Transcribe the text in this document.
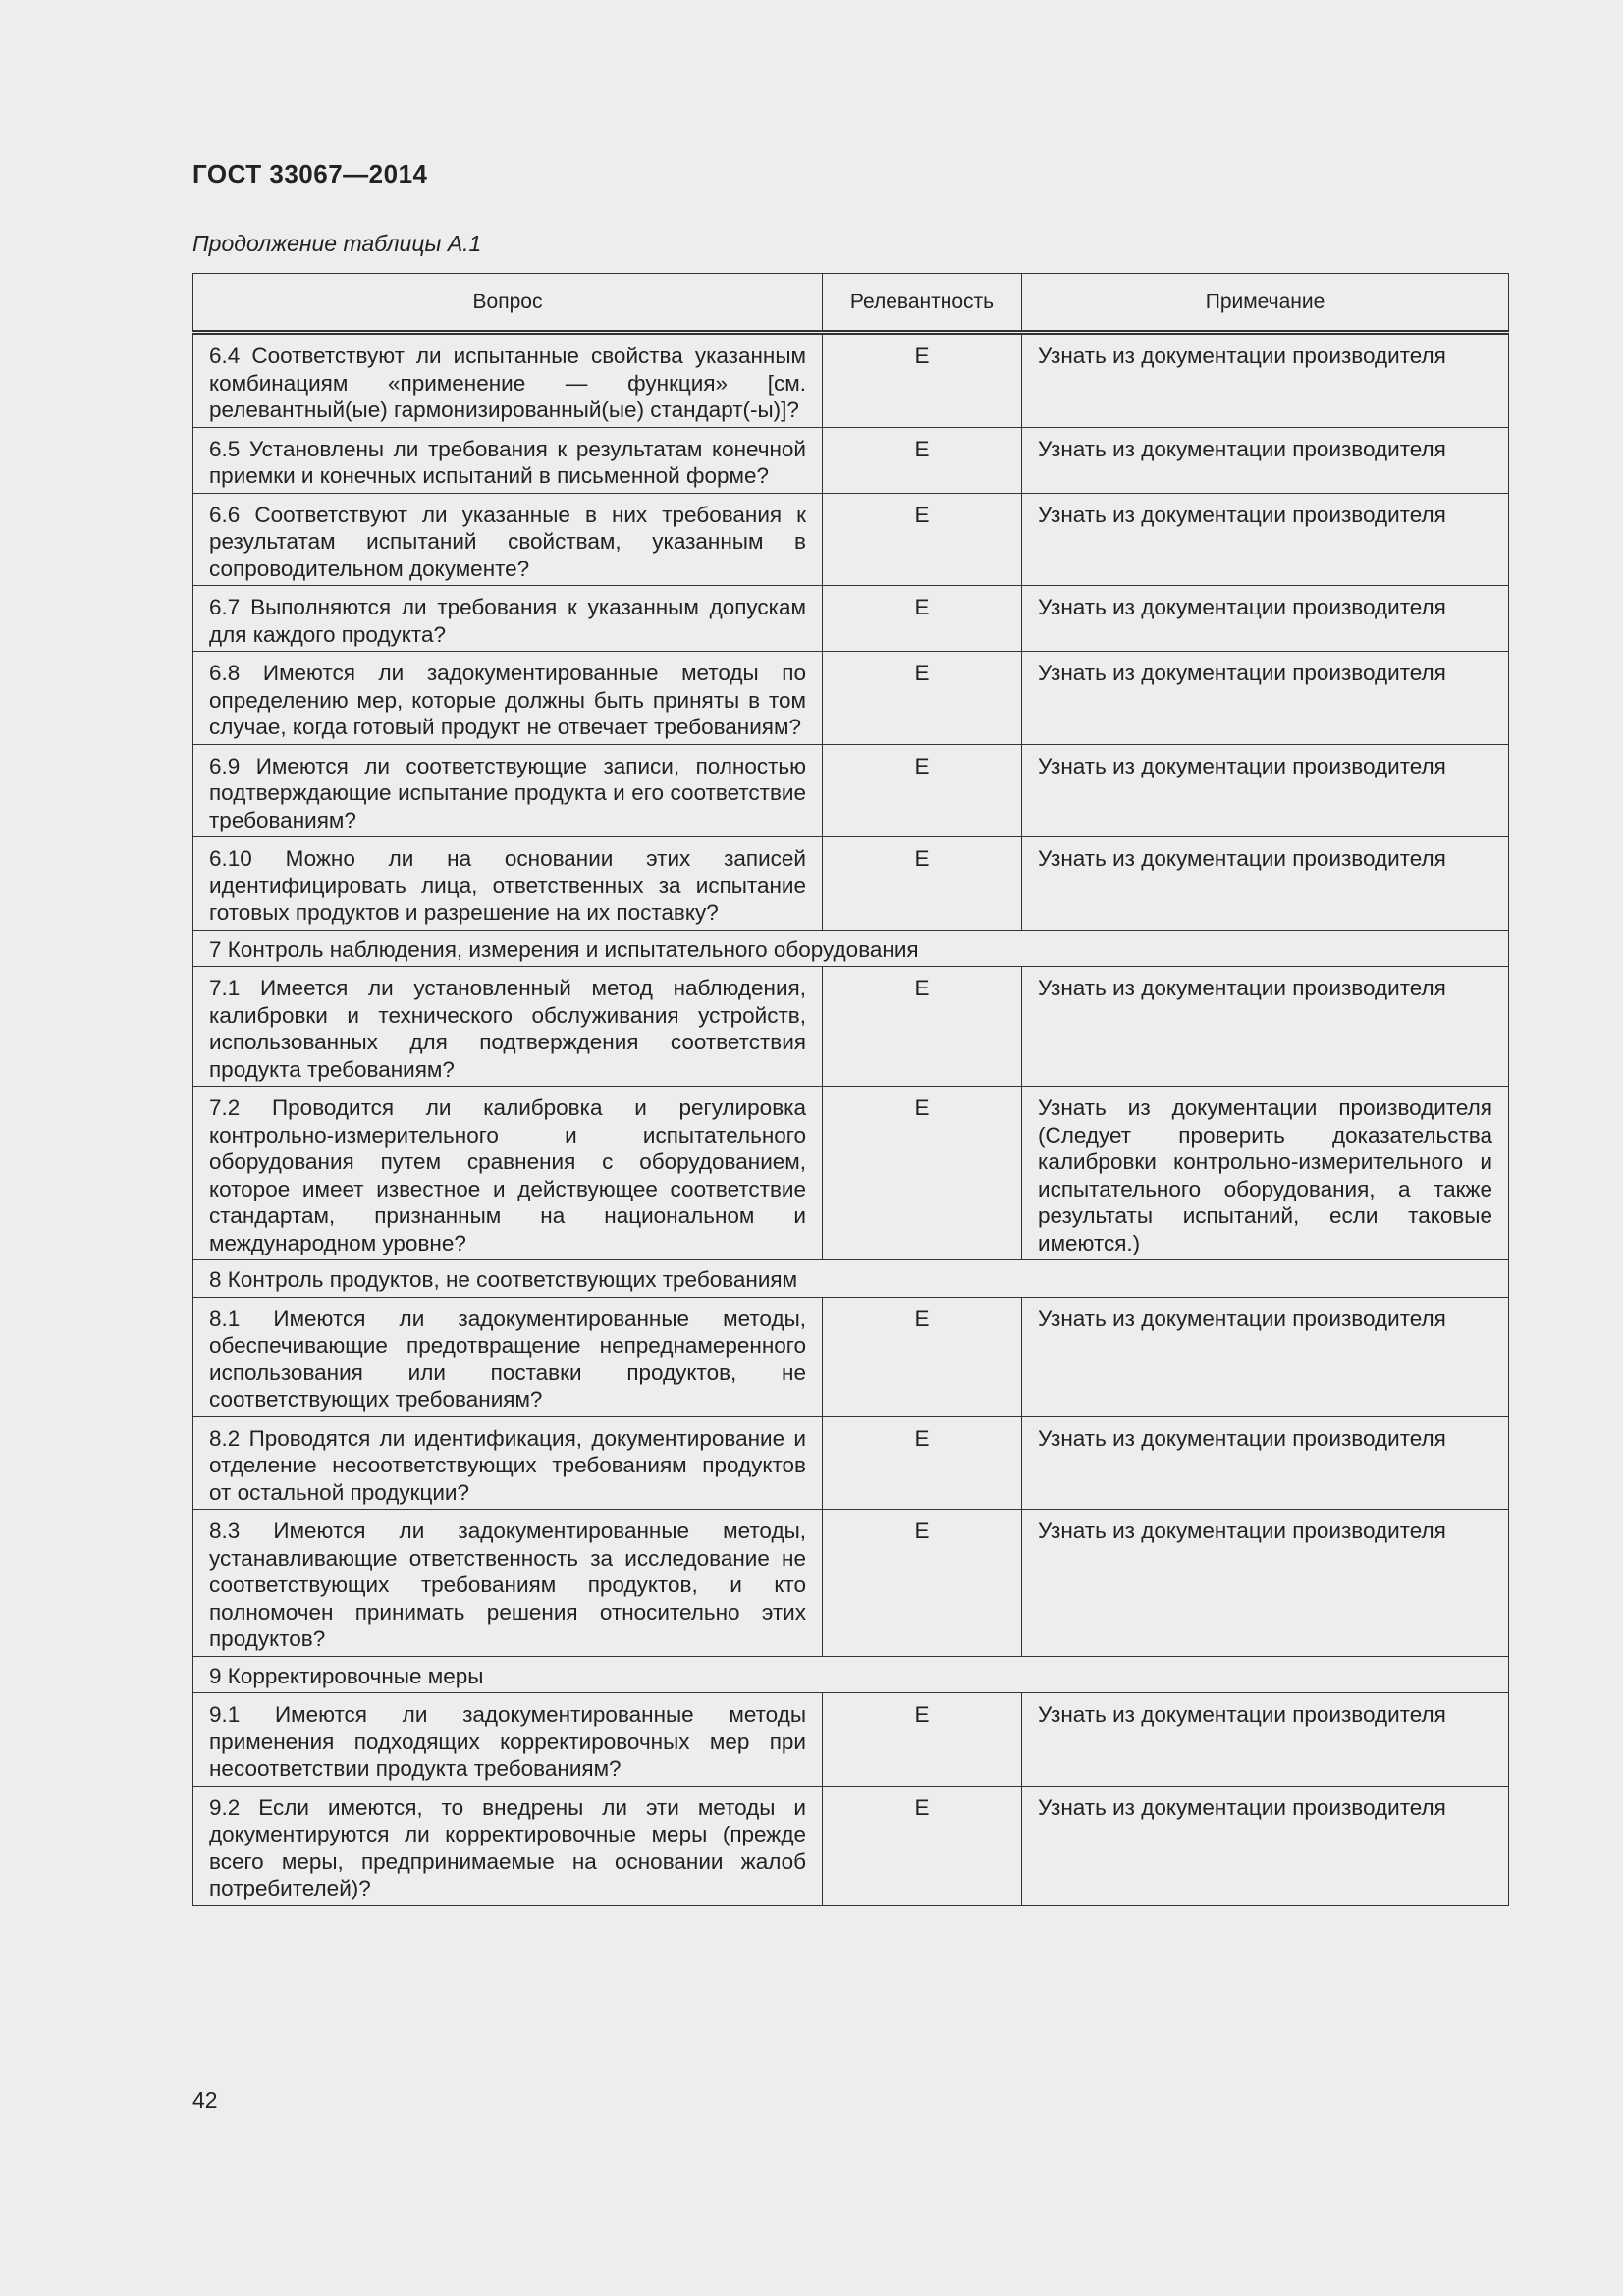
ГОСТ 33067—2014

Продолжение таблицы А.1

Вопрос	Релевантность	Примечание
6.4 Соответствуют ли испытанные свойства указанным комбинациям «применение — функция» [см. релевантный(ые) гармонизированный(ые) стандарт(-ы)]?	E	Узнать из документации производителя
6.5 Установлены ли требования к результатам конечной приемки и конечных испытаний в письменной форме?	E	Узнать из документации производителя
6.6 Соответствуют ли указанные в них требования к результатам испытаний свойствам, указанным в сопроводительном документе?	E	Узнать из документации производителя
6.7 Выполняются ли требования к указанным допускам для каждого продукта?	E	Узнать из документации производителя
6.8 Имеются ли задокументированные методы по определению мер, которые должны быть приняты в том случае, когда готовый продукт не отвечает требованиям?	E	Узнать из документации производителя
6.9 Имеются ли соответствующие записи, полностью подтверждающие испытание продукта и его соответствие требованиям?	E	Узнать из документации производителя
6.10 Можно ли на основании этих записей идентифицировать лица, ответственных за испытание готовых продуктов и разрешение на их поставку?	E	Узнать из документации производителя
7 Контроль наблюдения, измерения и испытательного оборудования		
7.1 Имеется ли установленный метод наблюдения, калибровки и технического обслуживания устройств, использованных для подтверждения соответствия продукта требованиям?	E	Узнать из документации производителя
7.2 Проводится ли калибровка и регулировка контрольно-измерительного и испытательного оборудования путем сравнения с оборудованием, которое имеет известное и действующее соответствие стандартам, признанным на национальном и международном уровне?	E	Узнать из документации производителя (Следует проверить доказательства калибровки контрольно-измерительного и испытательного оборудования, а также результаты испытаний, если таковые имеются.)
8 Контроль продуктов, не соответствующих требованиям		
8.1 Имеются ли задокументированные методы, обеспечивающие предотвращение непреднамеренного использования или поставки продуктов, не соответствующих требованиям?	E	Узнать из документации производителя
8.2 Проводятся ли идентификация, документирование и отделение несоответствующих требованиям продуктов от остальной продукции?	E	Узнать из документации производителя
8.3 Имеются ли задокументированные методы, устанавливающие ответственность за исследование не соответствующих требованиям продуктов, и кто полномочен принимать решения относительно этих продуктов?	E	Узнать из документации производителя
9 Корректировочные меры		
9.1 Имеются ли задокументированные методы применения подходящих корректировочных мер при несоответствии продукта требованиям?	E	Узнать из документации производителя
9.2 Если имеются, то внедрены ли эти методы и документируются ли корректировочные меры (прежде всего меры, предпринимаемые на основании жалоб потребителей)?	E	Узнать из документации производителя

42
